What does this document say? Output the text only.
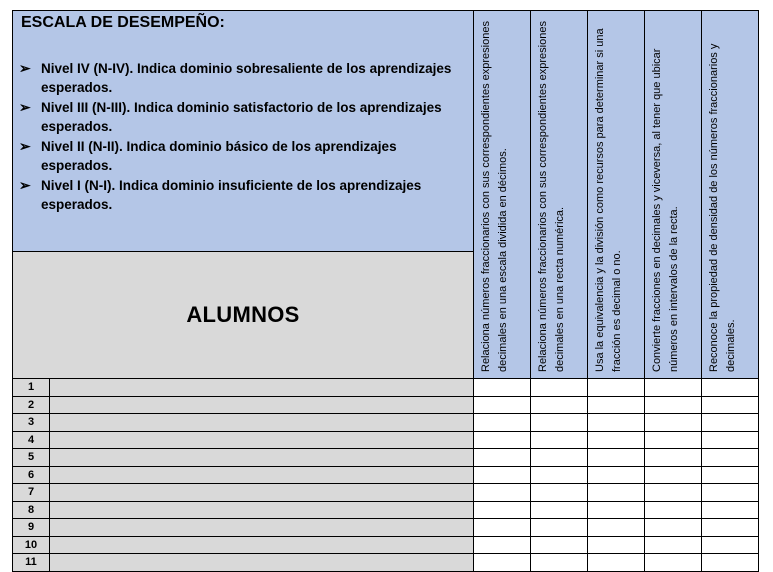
ESCALA DE DESEMPEÑO:
➢ Nivel IV (N-IV). Indica dominio sobresaliente de los aprendizajes esperados.
➢ Nivel III (N-III). Indica dominio satisfactorio de los aprendizajes esperados.
➢ Nivel II (N-II). Indica dominio básico de los aprendizajes esperados.
➢ Nivel I (N-I). Indica dominio insuficiente de los aprendizajes esperados.
ALUMNOS	Relaciona números fraccionarios con sus correspondientes expresiones decimales en una escala dividida en décimos.	Relaciona números fraccionarios con sus correspondientes expresiones decimales en una recta numérica.	Usa la equivalencia y la división como recursos para determinar si una fracción es decimal o no.	Convierte fracciones en decimales y viceversa, al tener que ubicar números en intervalos de la recta.	Reconoce la propiedad de densidad de los números fraccionarios y decimales.
1
2
3
4
5
6
7
8
9
10
11
